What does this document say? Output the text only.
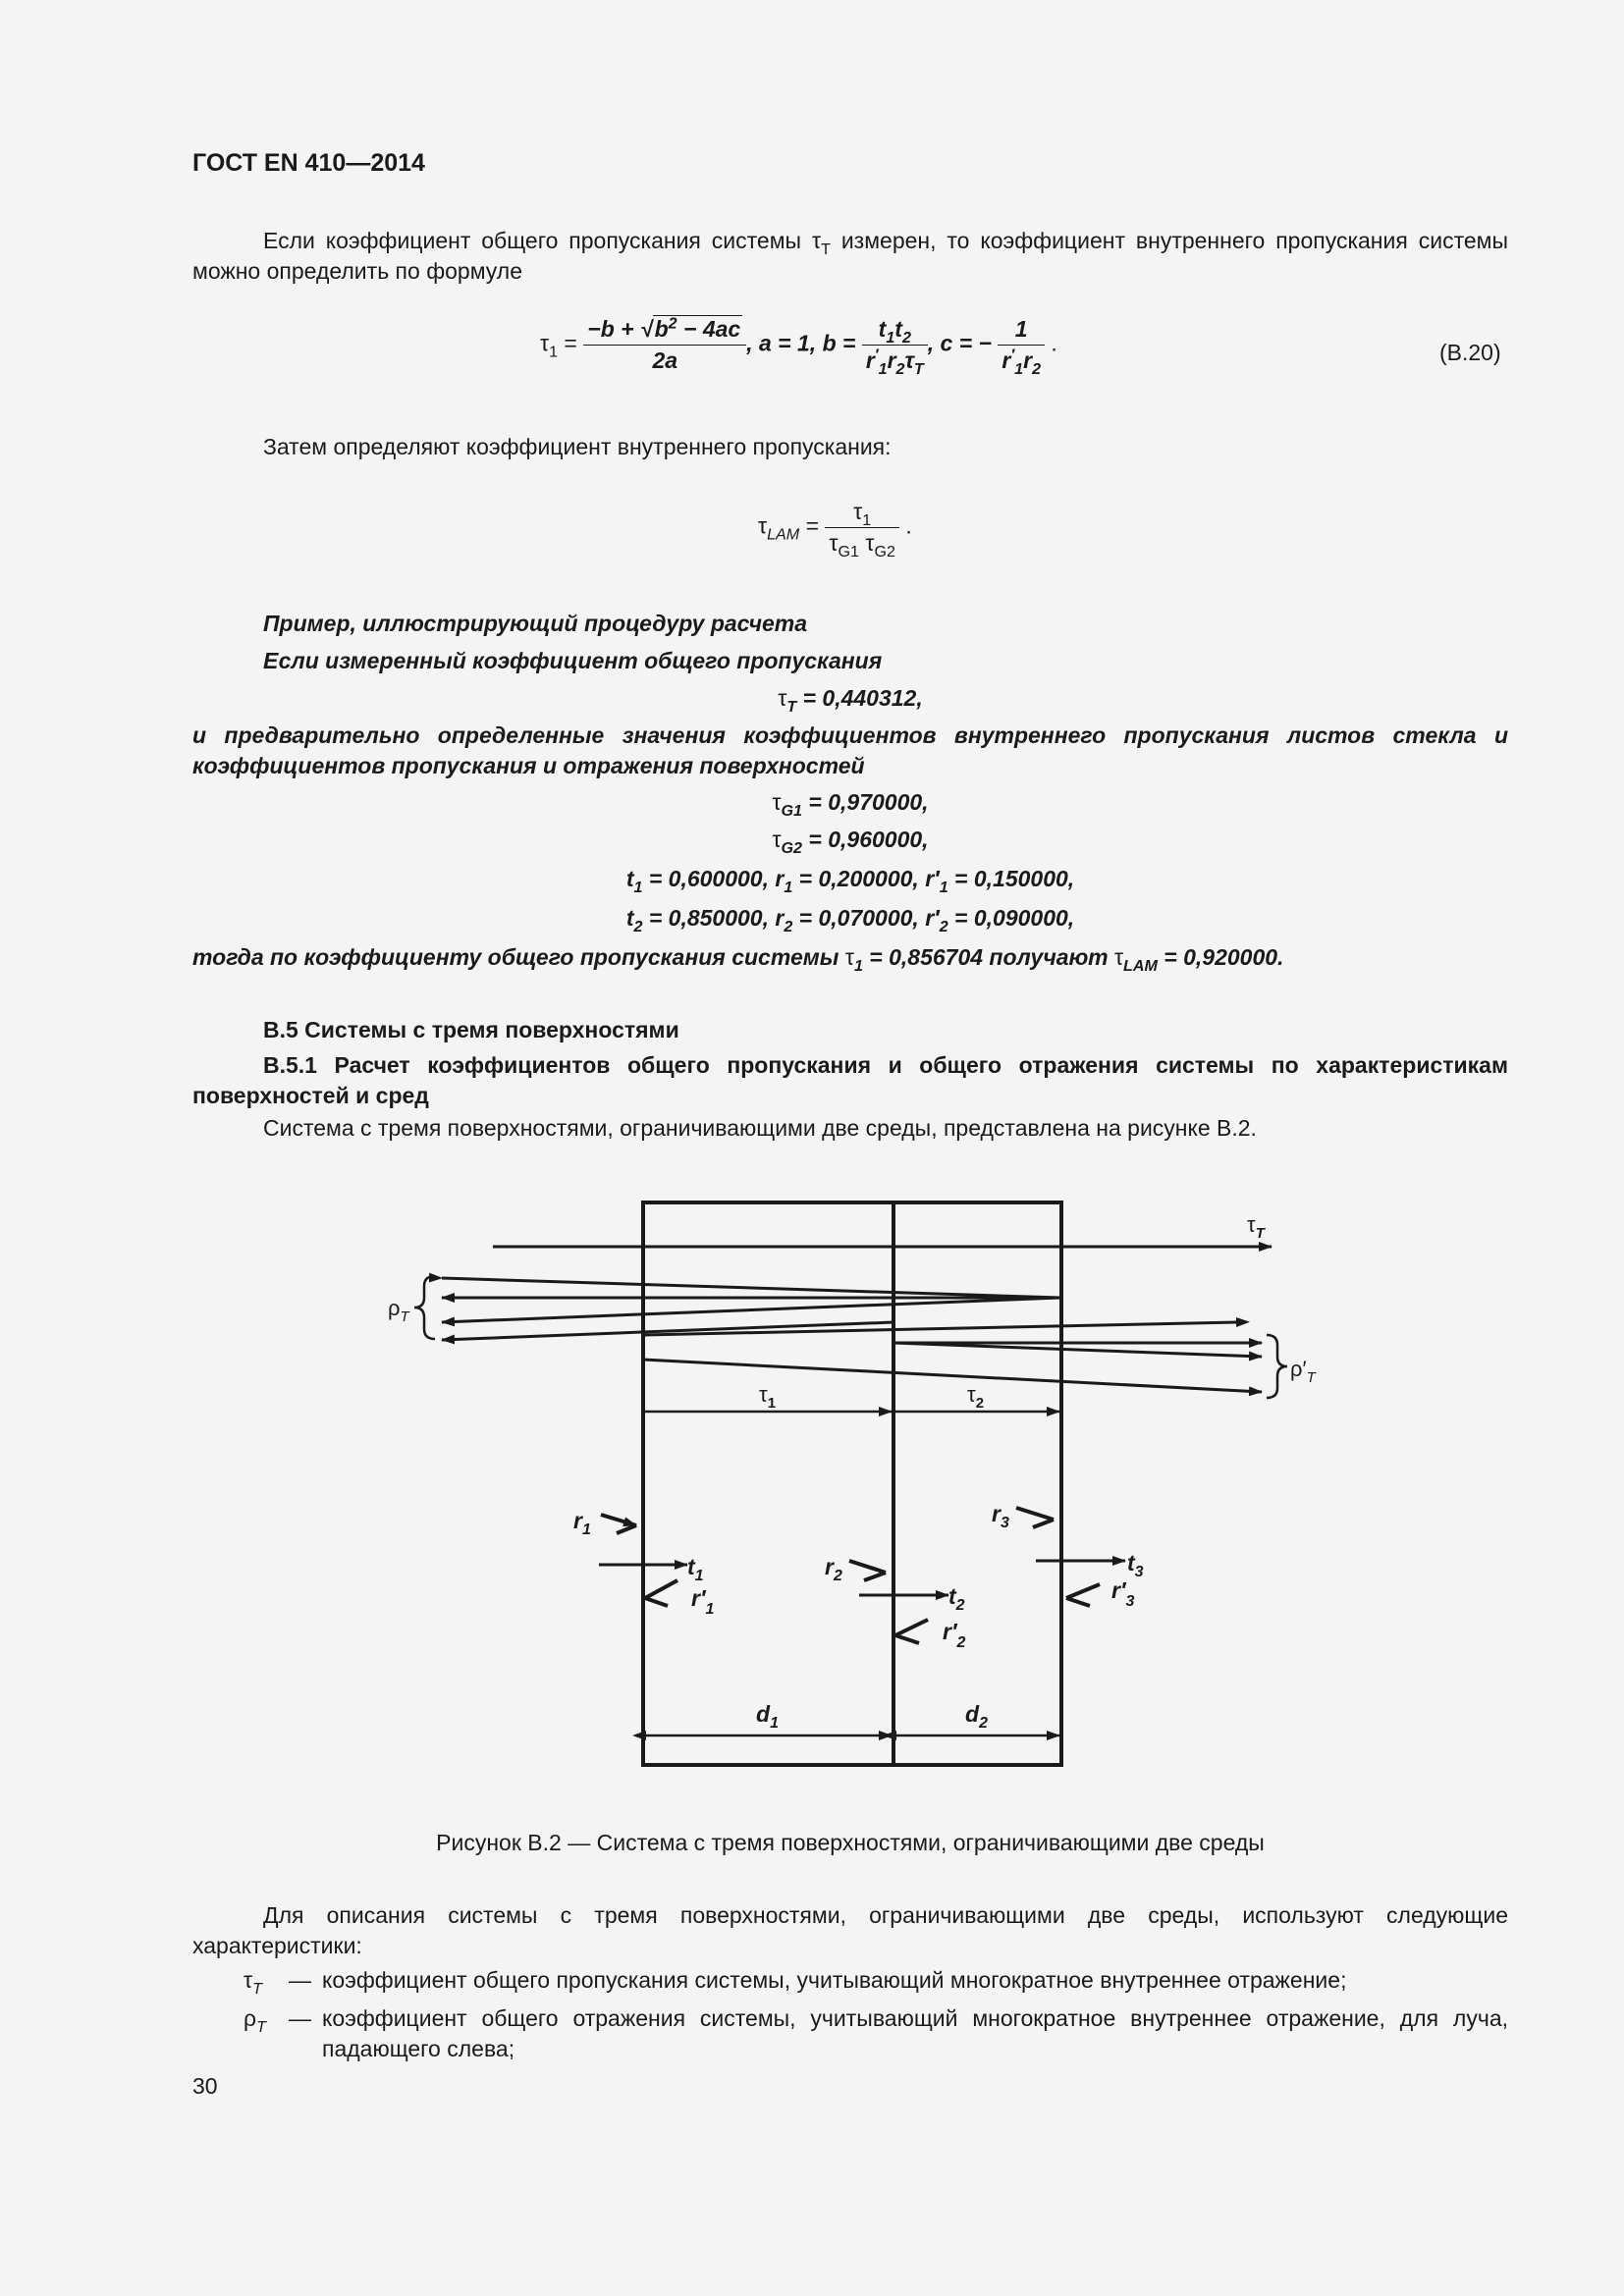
ГОСТ EN 410—2014
Если коэффициент общего пропускания системы $\tau_T$ измерен, то коэффициент внутреннего пропускания системы можно определить по формуле
$\tau_1 = \frac{-b + √b^2 - 4ac}{2a}$ , a = 1, $b = \frac{t_1t_2}{r'_1r_2\tau_T}$ , c = − $\frac{1}{r'_1r_2}$ .	(В.20)
Затем определяют коэффициент внутреннего пропускания:
$\tau_{LAM} = \frac{\tau_1}{\tau_{G1} \tau_{G2}}$ .
Пример, иллюстрирующий процедуру расчета
Если измеренный коэффициент общего пропускания
$\tau_T = 0,440312$,
и предварительно определенные значения коэффициентов внутреннего пропускания листов стекла и коэффициентов пропускания и отражения поверхностей
$\tau_{G1} = 0,970000$,
$\tau_{G2} = 0,960000$,
$t_1 = 0,600000$, $r_1 = 0,200000$, $r'_1 = 0,150000$,
$t_2 = 0,850000$, $r_2 = 0,070000$, $r'_2 = 0,090000$,
тогда по коэффициенту общего пропускания системы $\tau_1 = 0,856704$ получают $\tau_{LAM} = 0,920000$.
В.5 Системы с тремя поверхностями
В.5.1 Расчет коэффициентов общего пропускания и общего отражения системы по характеристикам поверхностей и сред
Система с тремя поверхностями, ограничивающими две среды, представлена на рисунке В.2.
$\tau_T$
$\rho_T$
$\rho'_T$
$\tau_1$	$\tau_2$
$r_1$
$t_1$
$r'_1$
$r_2$
$t_2$
$r'_2$
$r_3$
$t_3$
$r'_3$
$d_1$	$d_2$
Рисунок В.2 — Система с тремя поверхностями, ограничивающими две среды
Для описания системы с тремя поверхностями, ограничивающими две среды, используют следующие характеристики:
$\tau_T$	— коэффициент общего пропускания системы, учитывающий многократное внутреннее отражение;
$\rho_T$	— коэффициент общего отражения системы, учитывающий многократное внутреннее отражение, для луча, падающего слева;
30
